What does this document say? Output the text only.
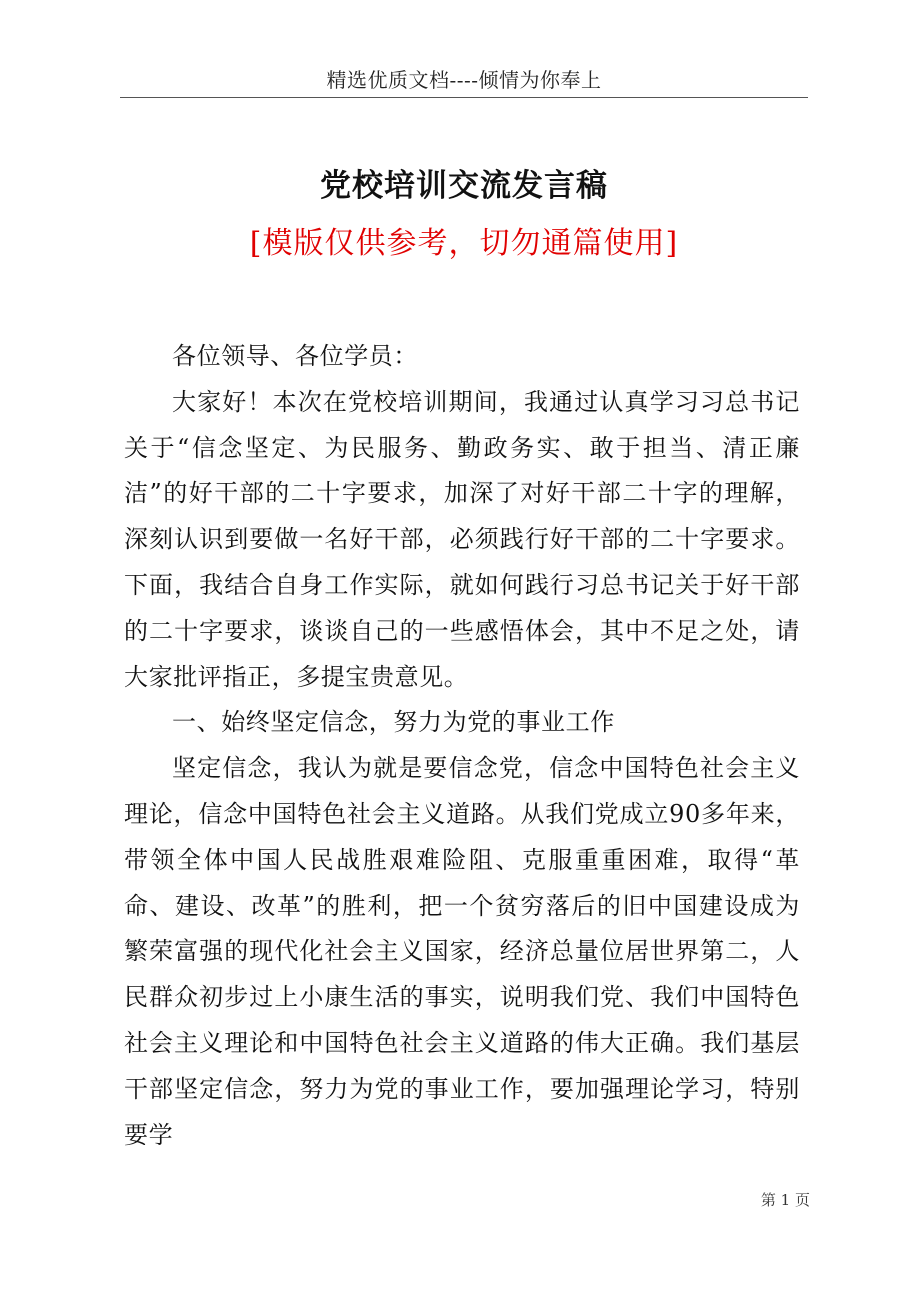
精选优质文档----倾情为你奉上
党校培训交流发言稿
[模版仅供参考，切勿通篇使用]

各位领导、各位学员：

大家好！本次在党校培训期间，我通过认真学习习总书记关于“信念坚定、为民服务、勤政务实、敢于担当、清正廉洁”的好干部的二十字要求，加深了对好干部二十字的理解，深刻认识到要做一名好干部，必须践行好干部的二十字要求。下面，我结合自身工作实际，就如何践行习总书记关于好干部的二十字要求，谈谈自己的一些感悟体会，其中不足之处，请大家批评指正，多提宝贵意见。

一、始终坚定信念，努力为党的事业工作

坚定信念，我认为就是要信念党，信念中国特色社会主义理论，信念中国特色社会主义道路。从我们党成立90多年来，带领全体中国人民战胜艰难险阻、克服重重困难，取得“革命、建设、改革”的胜利，把一个贫穷落后的旧中国建设成为繁荣富强的现代化社会主义国家，经济总量位居世界第二，人民群众初步过上小康生活的事实，说明我们党、我们中国特色社会主义理论和中国特色社会主义道路的伟大正确。我们基层干部坚定信念，努力为党的事业工作，要加强理论学习，特别要学

第 1 页
